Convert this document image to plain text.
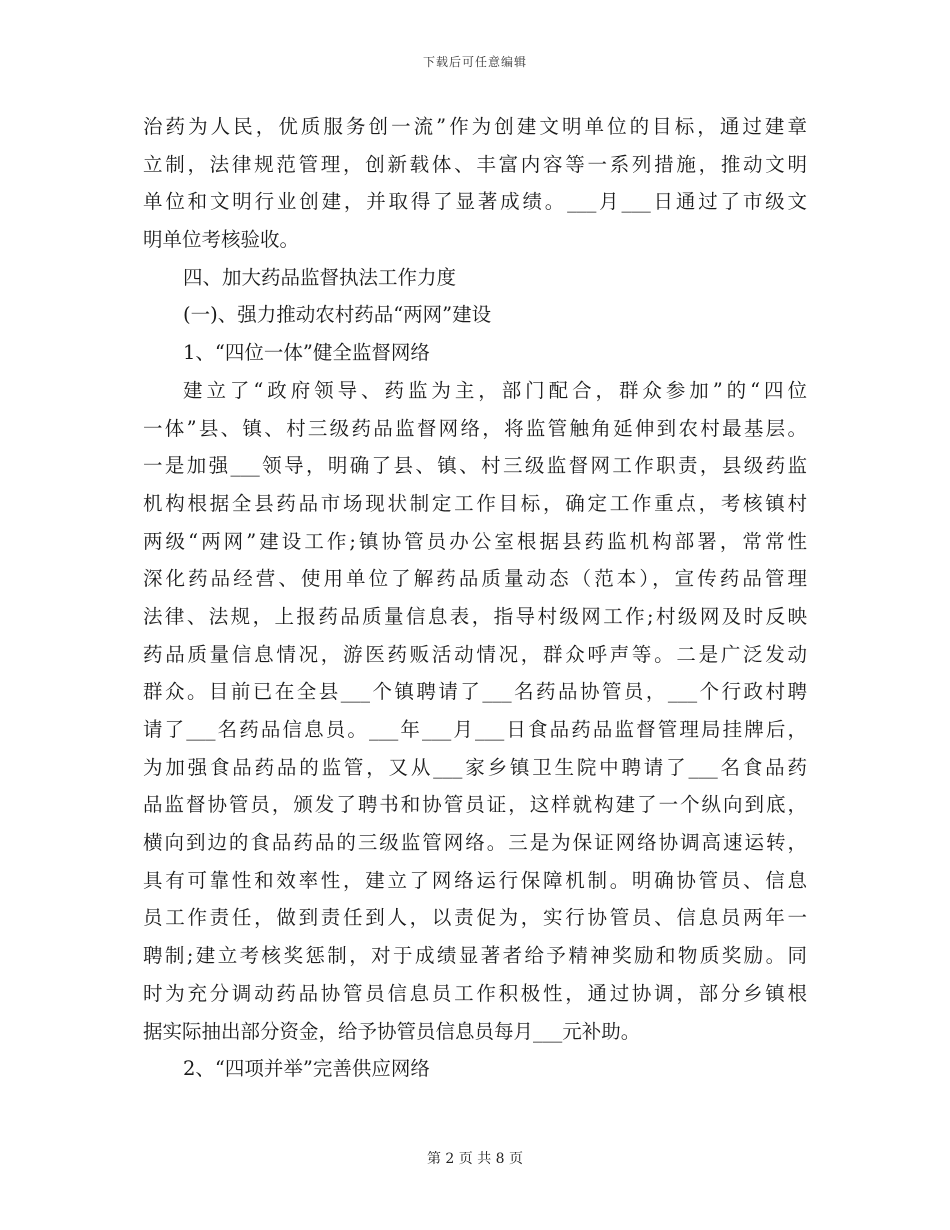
下载后可任意编辑
治药为人民，优质服务创一流”作为创建文明单位的目标，通过建章
立制，法律规范管理，创新载体、丰富内容等一系列措施，推动文明
单位和文明行业创建，并取得了显著成绩。___月___日通过了市级文
明单位考核验收。
四、加大药品监督执法工作力度
(一)、强力推动农村药品“两网”建设
1、“四位一体”健全监督网络
建立了“政府领导、药监为主，部门配合，群众参加”的“四位
一体”县、镇、村三级药品监督网络，将监管触角延伸到农村最基层。
一是加强___领导，明确了县、镇、村三级监督网工作职责，县级药监
机构根据全县药品市场现状制定工作目标，确定工作重点，考核镇村
两级“两网”建设工作;镇协管员办公室根据县药监机构部署，常常性
深化药品经营、使用单位了解药品质量动态（范本），宣传药品管理
法律、法规，上报药品质量信息表，指导村级网工作;村级网及时反映
药品质量信息情况，游医药贩活动情况，群众呼声等。二是广泛发动
群众。目前已在全县___个镇聘请了___名药品协管员，___个行政村聘
请了___名药品信息员。___年___月___日食品药品监督管理局挂牌后，
为加强食品药品的监管，又从___家乡镇卫生院中聘请了___名食品药
品监督协管员，颁发了聘书和协管员证，这样就构建了一个纵向到底，
横向到边的食品药品的三级监管网络。三是为保证网络协调高速运转，
具有可靠性和效率性，建立了网络运行保障机制。明确协管员、信息
员工作责任，做到责任到人，以责促为，实行协管员、信息员两年一
聘制;建立考核奖惩制，对于成绩显著者给予精神奖励和物质奖励。同
时为充分调动药品协管员信息员工作积极性，通过协调，部分乡镇根
据实际抽出部分资金，给予协管员信息员每月___元补助。
2、“四项并举”完善供应网络
第 2 页 共 8 页
